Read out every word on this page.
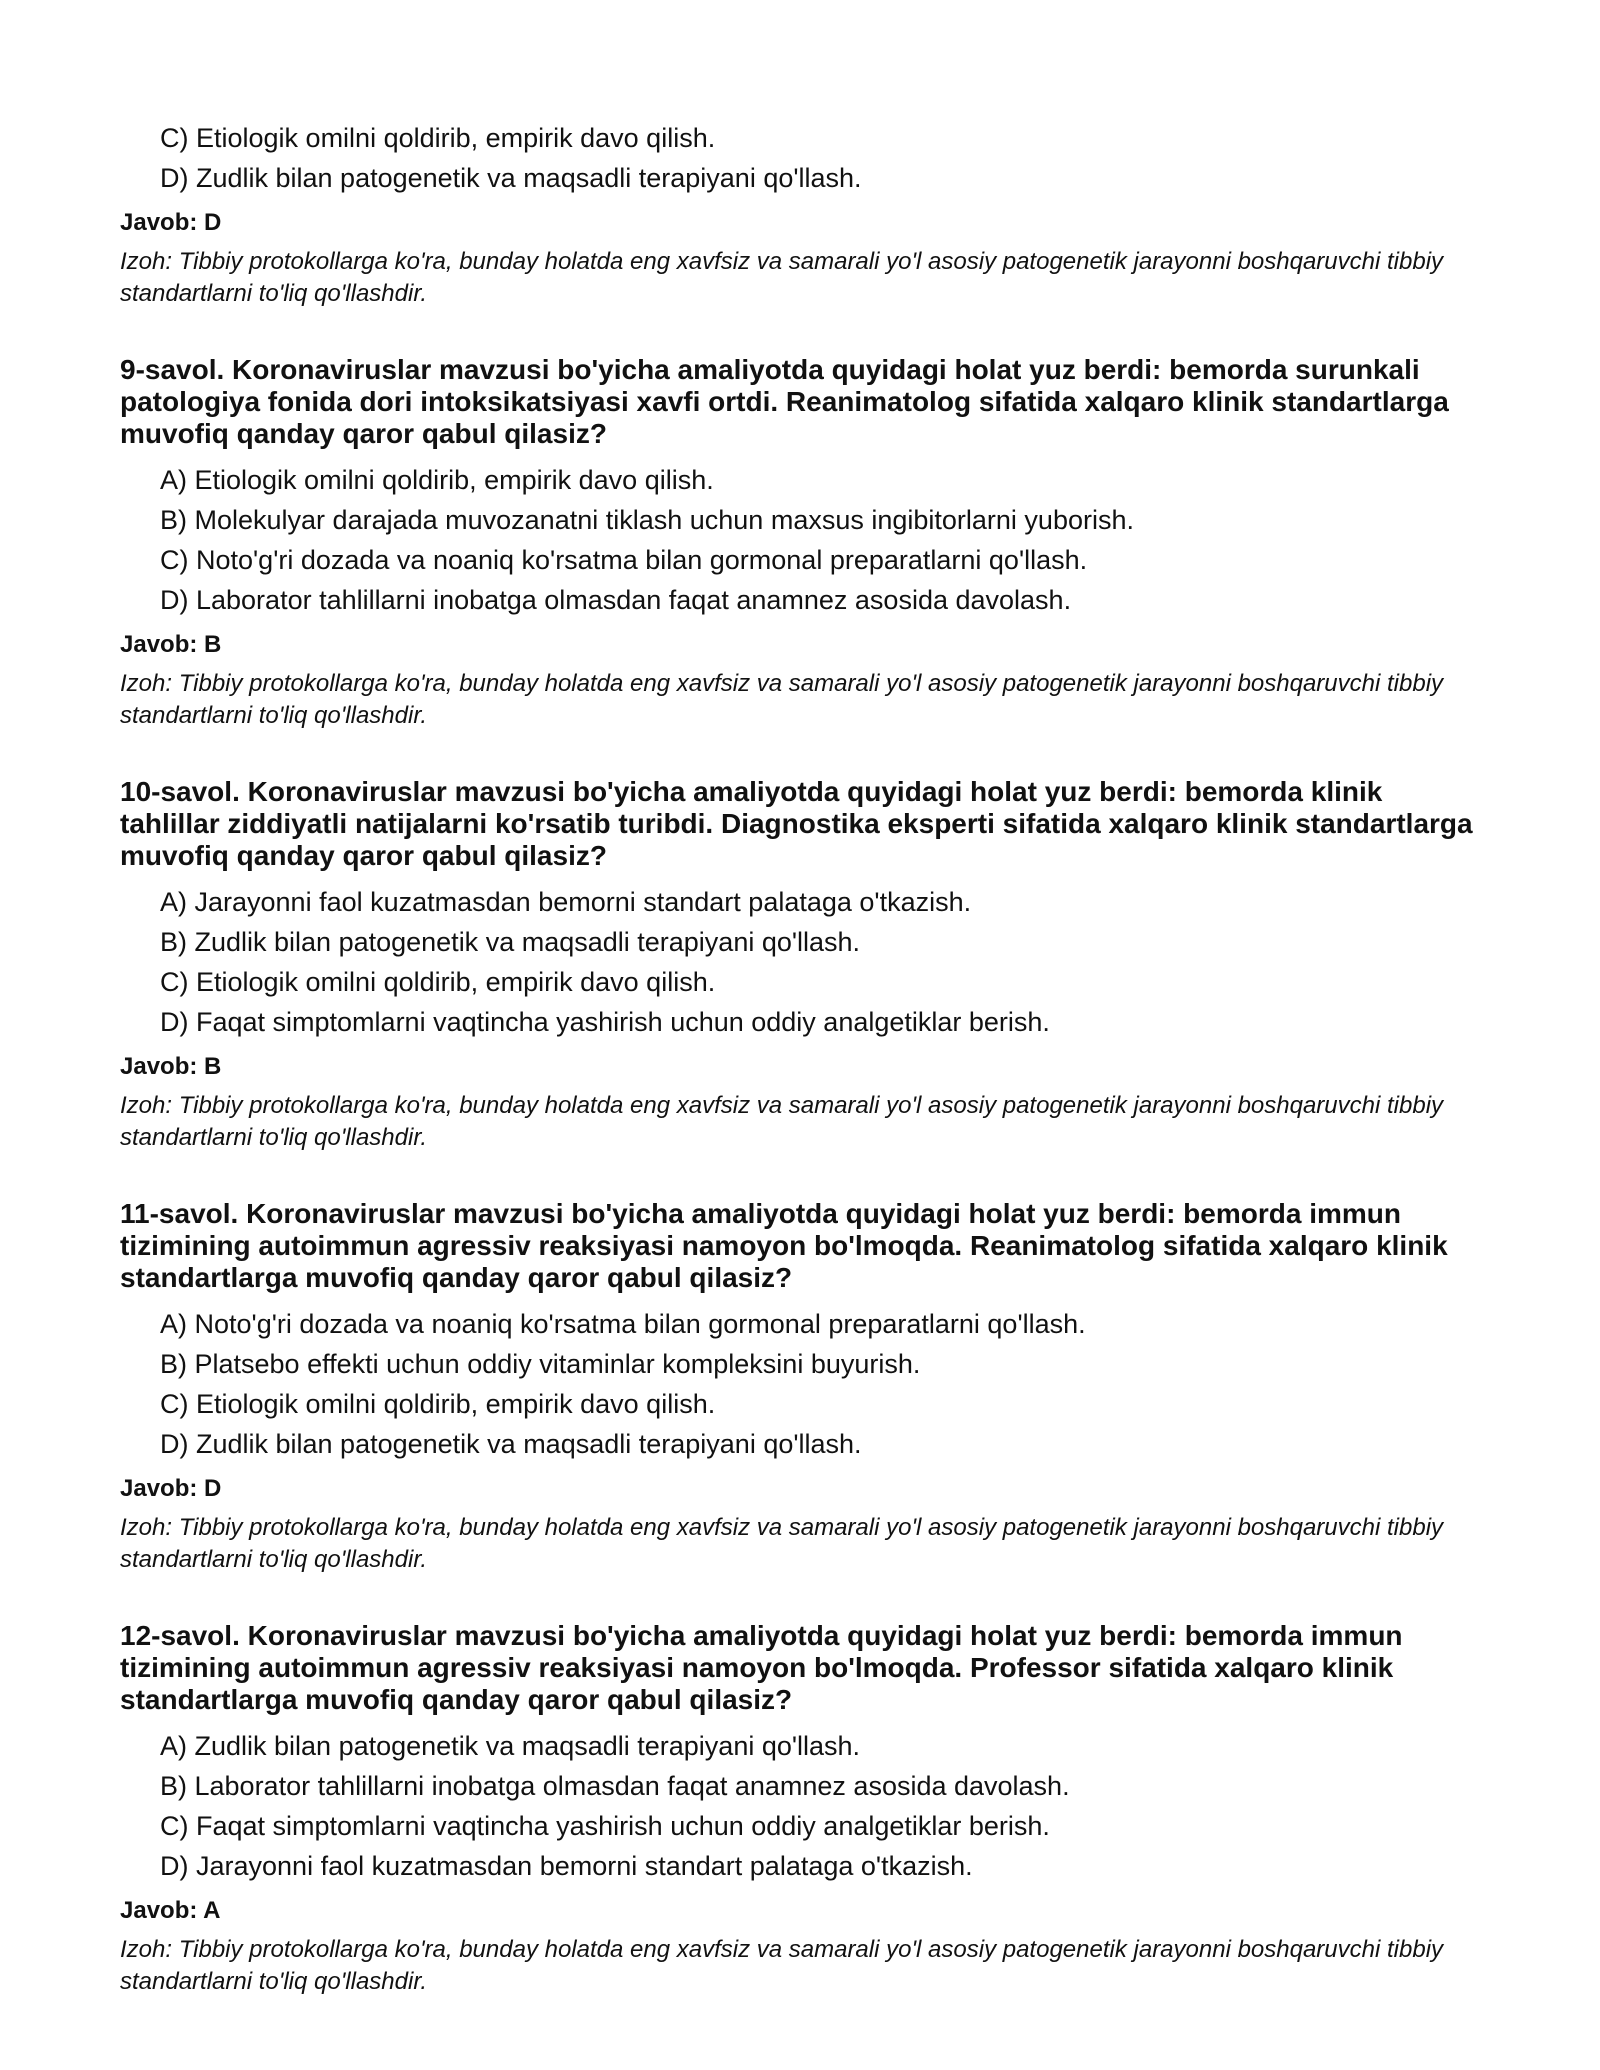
C) Etiologik omilni qoldirib, empirik davo qilish.
D) Zudlik bilan patogenetik va maqsadli terapiyani qo'llash.
Javob: D
Izoh: Tibbiy protokollarga ko'ra, bunday holatda eng xavfsiz va samarali yo'l asosiy patogenetik jarayonni boshqaruvchi tibbiy standartlarni to'liq qo'llashdir.
9-savol. Koronaviruslar mavzusi bo'yicha amaliyotda quyidagi holat yuz berdi: bemorda surunkali patologiya fonida dori intoksikatsiyasi xavfi ortdi. Reanimatolog sifatida xalqaro klinik standartlarga muvofiq qanday qaror qabul qilasiz?
A) Etiologik omilni qoldirib, empirik davo qilish.
B) Molekulyar darajada muvozanatni tiklash uchun maxsus ingibitorlarni yuborish.
C) Noto'g'ri dozada va noaniq ko'rsatma bilan gormonal preparatlarni qo'llash.
D) Laborator tahlillarni inobatga olmasdan faqat anamnez asosida davolash.
Javob: B
Izoh: Tibbiy protokollarga ko'ra, bunday holatda eng xavfsiz va samarali yo'l asosiy patogenetik jarayonni boshqaruvchi tibbiy standartlarni to'liq qo'llashdir.
10-savol. Koronaviruslar mavzusi bo'yicha amaliyotda quyidagi holat yuz berdi: bemorda klinik tahlillar ziddiyatli natijalarni ko'rsatib turibdi. Diagnostika eksperti sifatida xalqaro klinik standartlarga muvofiq qanday qaror qabul qilasiz?
A) Jarayonni faol kuzatmasdan bemorni standart palataga o'tkazish.
B) Zudlik bilan patogenetik va maqsadli terapiyani qo'llash.
C) Etiologik omilni qoldirib, empirik davo qilish.
D) Faqat simptomlarni vaqtincha yashirish uchun oddiy analgetiklar berish.
Javob: B
Izoh: Tibbiy protokollarga ko'ra, bunday holatda eng xavfsiz va samarali yo'l asosiy patogenetik jarayonni boshqaruvchi tibbiy standartlarni to'liq qo'llashdir.
11-savol. Koronaviruslar mavzusi bo'yicha amaliyotda quyidagi holat yuz berdi: bemorda immun tizimining autoimmun agressiv reaksiyasi namoyon bo'lmoqda. Reanimatolog sifatida xalqaro klinik standartlarga muvofiq qanday qaror qabul qilasiz?
A) Noto'g'ri dozada va noaniq ko'rsatma bilan gormonal preparatlarni qo'llash.
B) Platsebo effekti uchun oddiy vitaminlar kompleksini buyurish.
C) Etiologik omilni qoldirib, empirik davo qilish.
D) Zudlik bilan patogenetik va maqsadli terapiyani qo'llash.
Javob: D
Izoh: Tibbiy protokollarga ko'ra, bunday holatda eng xavfsiz va samarali yo'l asosiy patogenetik jarayonni boshqaruvchi tibbiy standartlarni to'liq qo'llashdir.
12-savol. Koronaviruslar mavzusi bo'yicha amaliyotda quyidagi holat yuz berdi: bemorda immun tizimining autoimmun agressiv reaksiyasi namoyon bo'lmoqda. Professor sifatida xalqaro klinik standartlarga muvofiq qanday qaror qabul qilasiz?
A) Zudlik bilan patogenetik va maqsadli terapiyani qo'llash.
B) Laborator tahlillarni inobatga olmasdan faqat anamnez asosida davolash.
C) Faqat simptomlarni vaqtincha yashirish uchun oddiy analgetiklar berish.
D) Jarayonni faol kuzatmasdan bemorni standart palataga o'tkazish.
Javob: A
Izoh: Tibbiy protokollarga ko'ra, bunday holatda eng xavfsiz va samarali yo'l asosiy patogenetik jarayonni boshqaruvchi tibbiy standartlarni to'liq qo'llashdir.
